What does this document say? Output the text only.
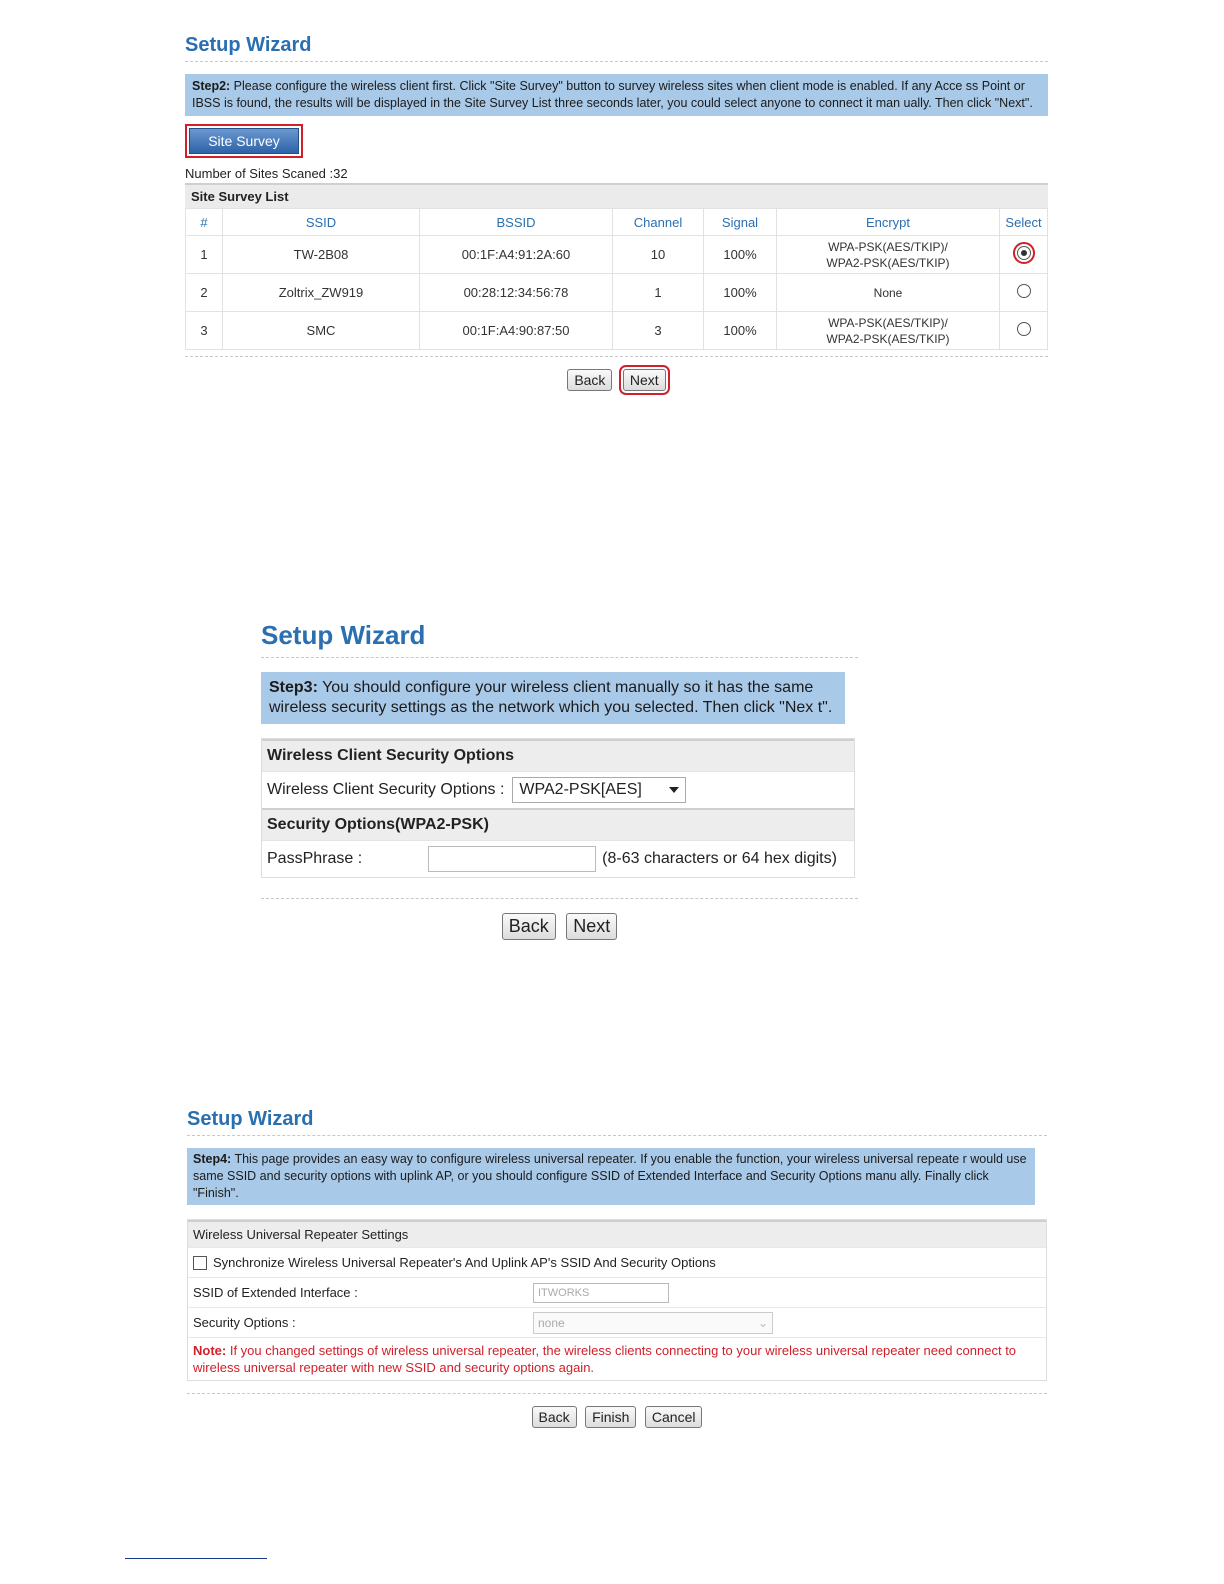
Setup Wizard
Step2: Please configure the wireless client first. Click "Site Survey" button to survey wireless sites when client mode is enabled. If any Acce ss Point or IBSS is found, the results will be displayed in the Site Survey List three seconds later, you could select anyone to connect it man ually. Then click "Next".
Site Survey
Number of Sites Scaned :32
Site Survey List
#	SSID	BSSID	Channel	Signal	Encrypt	Select
1	TW-2B08	00:1F:A4:91:2A:60	10	100%	WPA-PSK(AES/TKIP)/
WPA2-PSK(AES/TKIP)	

2	Zoltrix_ZW919	00:28:12:34:56:78	1	100%	None	

3	SMC	00:1F:A4:90:87:50	3	100%	WPA-PSK(AES/TKIP)/
WPA2-PSK(AES/TKIP)	

Back Next
Setup Wizard
Step3: You should configure your wireless client manually so it has the same wireless security settings as the network which you selected. Then click "Nex t".
Wireless Client Security Options
Wireless Client Security Options : WPA2-PSK[AES]
Security Options(WPA2-PSK)
PassPhrase :	(8-63 characters or 64 hex digits)
Back Next
Setup Wizard
Step4: This page provides an easy way to configure wireless universal repeater. If you enable the function, your wireless universal repeate r would use same SSID and security options with uplink AP, or you should configure SSID of Extended Interface and Security Options manu ally. Finally click "Finish".
Wireless Universal Repeater Settings
Synchronize Wireless Universal Repeater's And Uplink AP's SSID And Security Options
SSID of Extended Interface :	ITWORKS
Security Options :	none	⌄
Note: If you changed settings of wireless universal repeater, the wireless clients connecting to your wireless universal repeater need connect to wireless universal repeater with new SSID and security options again.
Back Finish Cancel
